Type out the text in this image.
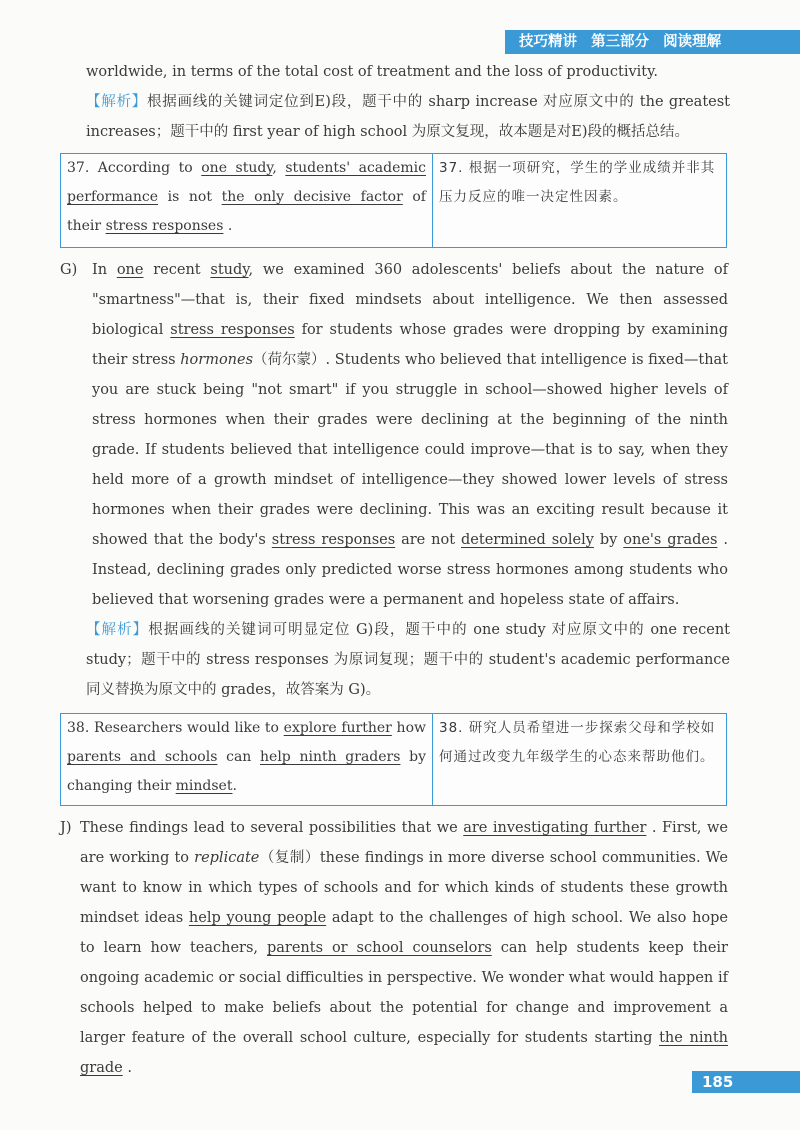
技巧精讲 第三部分 阅读理解

worldwide, in terms of the total cost of treatment and the loss of productivity.

【解析】根据画线的关键词定位到E)段，题干中的 sharp increase 对应原文中的 the greatest increases；题干中的 first year of high school 为原文复现，故本题是对E)段的概括总结。

37. According to one study, students' academic performance is not the only decisive factor of their stress responses .
37. 根据一项研究，学生的学业成绩并非其压力反应的唯一决定性因素。
G)	In one recent study, we examined 360 adolescents' beliefs about the nature of "smartness"—that is, their fixed mindsets about intelligence. We then assessed biological stress responses for students whose grades were dropping by examining their stress hormones（荷尔蒙）. Students who believed that intelligence is fixed—that you are stuck being "not smart" if you struggle in school—showed higher levels of stress hormones when their grades were declining at the beginning of the ninth grade. If students believed that intelligence could improve—that is to say, when they held more of a growth mindset of intelligence—they showed lower levels of stress hormones when their grades were declining. This was an exciting result because it showed that the body's stress responses are not determined solely by one's grades . Instead, declining grades only predicted worse stress hormones among students who believed that worsening grades were a permanent and hopeless state of affairs.

【解析】根据画线的关键词可明显定位 G)段，题干中的 one study 对应原文中的 one recent study；题干中的 stress responses 为原词复现；题干中的 student's academic performance 同义替换为原文中的 grades，故答案为 G)。

38. Researchers would like to explore further how parents and schools can help ninth graders by changing their mindset.
38. 研究人员希望进一步探索父母和学校如何通过改变九年级学生的心态来帮助他们。
J) These findings lead to several possibilities that we are investigating further . First, we are working to replicate（复制）these findings in more diverse school communities. We want to know in which types of schools and for which kinds of students these growth mindset ideas help young people adapt to the challenges of high school. We also hope to learn how teachers, parents or school counselors can help students keep their ongoing academic or social difficulties in perspective. We wonder what would happen if schools helped to make beliefs about the potential for change and improvement a larger feature of the overall school culture, especially for students starting the ninth grade .

185
